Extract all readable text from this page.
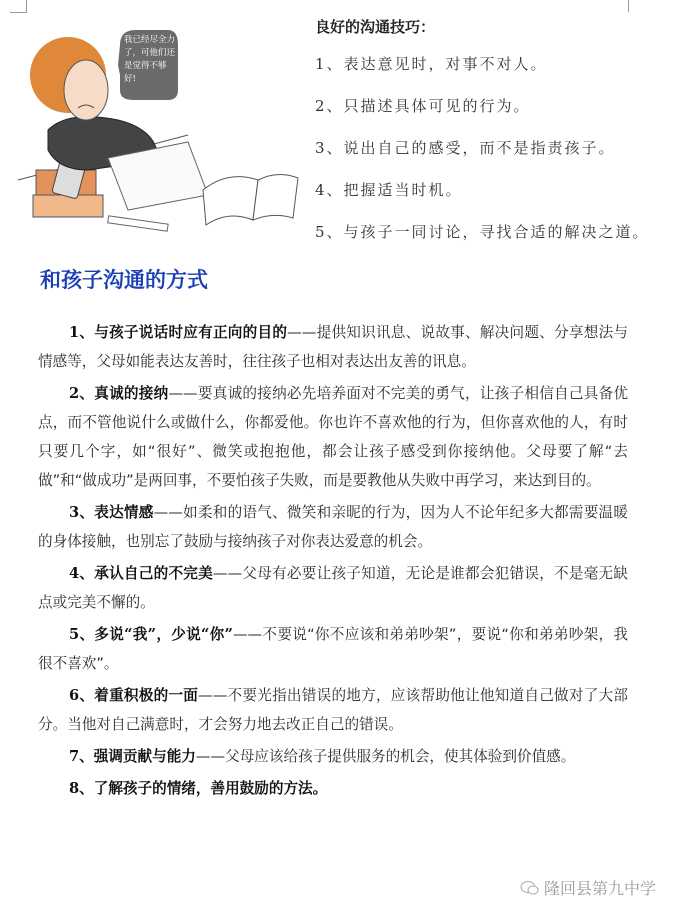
我已经尽全力了，可他们还是觉得不够好!
良好的沟通技巧：
1、表达意见时，对事不对人。
2、只描述具体可见的行为。
3、说出自己的感受，而不是指责孩子。
4、把握适当时机。
5、与孩子一同讨论，寻找合适的解决之道。
和孩子沟通的方式

1、与孩子说话时应有正向的目的——提供知识讯息、说故事、解决问题、分享想法与情感等，父母如能表达友善时，往往孩子也相对表达出友善的讯息。

2、真诚的接纳——要真诚的接纳必先培养面对不完美的勇气，让孩子相信自己具备优点，而不管他说什么或做什么，你都爱他。你也许不喜欢他的行为，但你喜欢他的人，有时只要几个字，如“很好”、微笑或抱抱他，都会让孩子感受到你接纳他。父母要了解“去做”和“做成功”是两回事，不要怕孩子失败，而是要教他从失败中再学习，来达到目的。

3、表达情感——如柔和的语气、微笑和亲昵的行为，因为人不论年纪多大都需要温暖的身体接触，也别忘了鼓励与接纳孩子对你表达爱意的机会。

4、承认自己的不完美——父母有必要让孩子知道，无论是谁都会犯错误，不是毫无缺点或完美不懈的。

5、多说“我”，少说“你”——不要说“你不应该和弟弟吵架”，要说“你和弟弟吵架，我很不喜欢”。

6、着重积极的一面——不要光指出错误的地方，应该帮助他让他知道自己做对了大部分。当他对自己满意时，才会努力地去改正自己的错误。

7、强调贡献与能力——父母应该给孩子提供服务的机会，使其体验到价值感。

8、了解孩子的情绪，善用鼓励的方法。

隆回县第九中学
